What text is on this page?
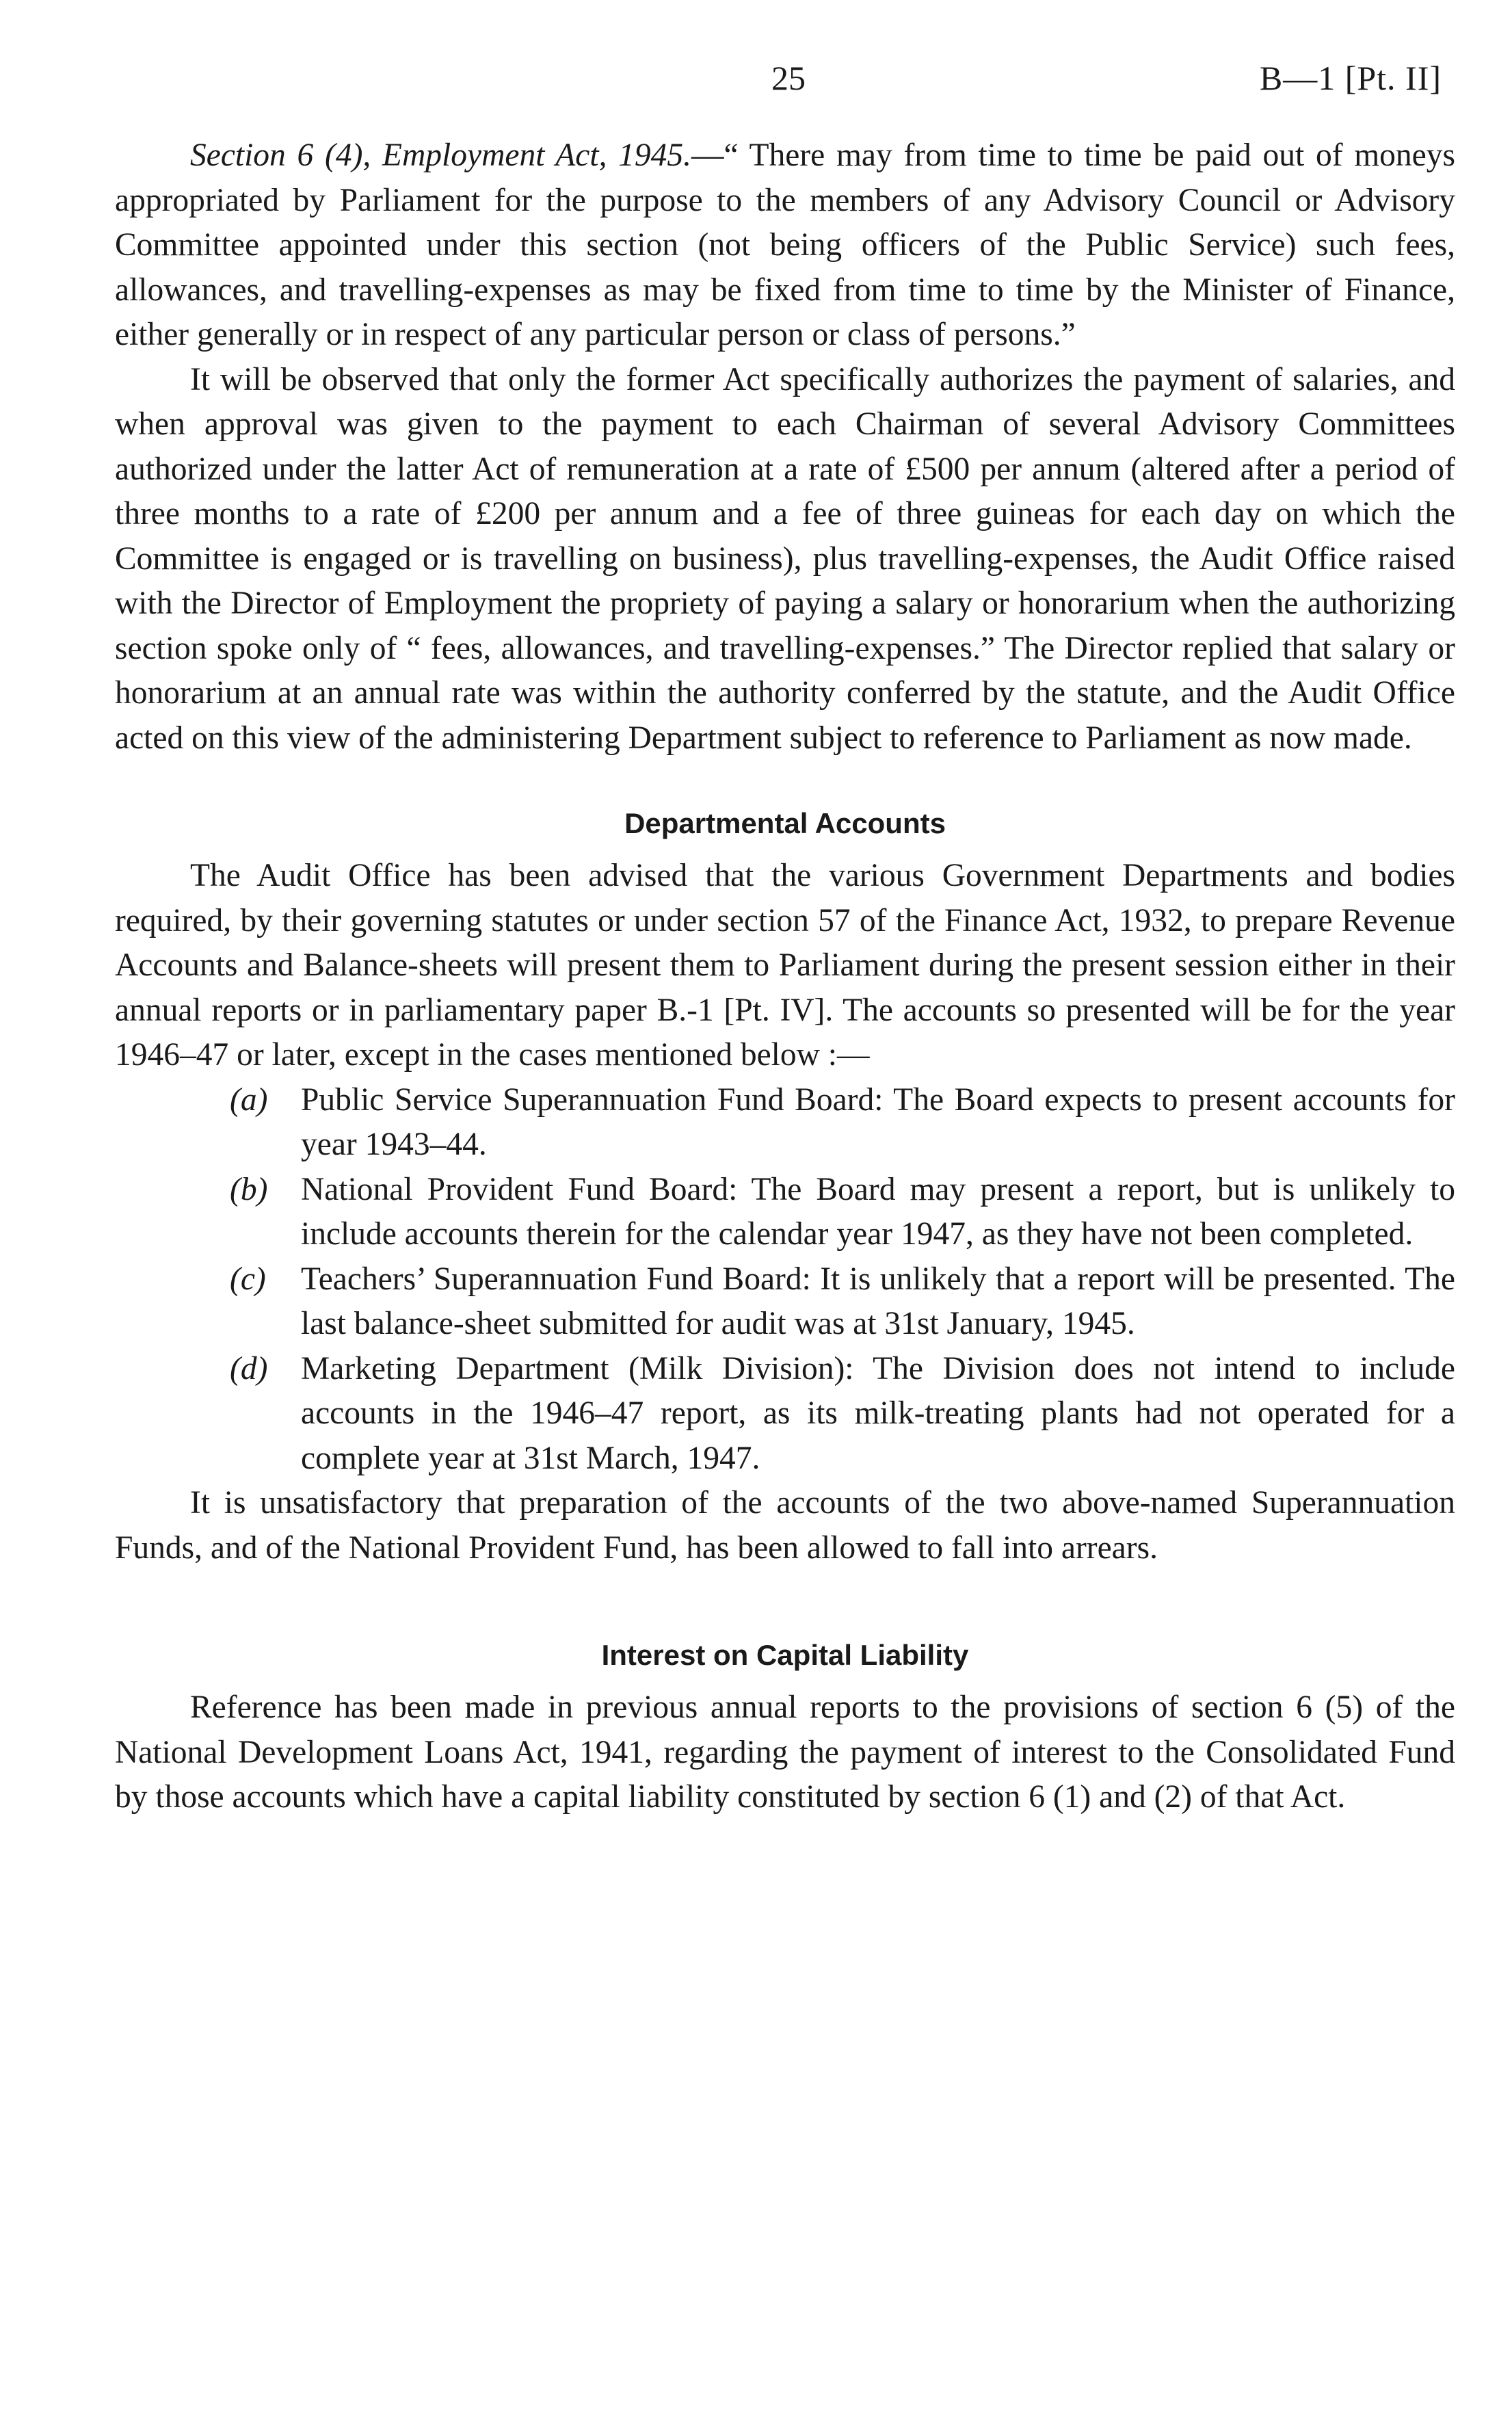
25	B—1 [Pt. II]

Section 6 (4), Employment Act, 1945.—“ There may from time to time be paid out of moneys appropriated by Parliament for the purpose to the members of any Advisory Council or Advisory Committee appointed under this section (not being officers of the Public Service) such fees, allowances, and travelling-expenses as may be fixed from time to time by the Minister of Finance, either generally or in respect of any particular person or class of persons.”

It will be observed that only the former Act specifically authorizes the payment of salaries, and when approval was given to the payment to each Chairman of several Advisory Committees authorized under the latter Act of remuneration at a rate of £500 per annum (altered after a period of three months to a rate of £200 per annum and a fee of three guineas for each day on which the Committee is engaged or is travelling on business), plus travelling-expenses, the Audit Office raised with the Director of Employment the propriety of paying a salary or honorarium when the authorizing section spoke only of “ fees, allowances, and travelling-expenses.” The Director replied that salary or honorarium at an annual rate was within the authority conferred by the statute, and the Audit Office acted on this view of the administering Department subject to reference to Parliament as now made.

Departmental Accounts

The Audit Office has been advised that the various Government Departments and bodies required, by their governing statutes or under section 57 of the Finance Act, 1932, to prepare Revenue Accounts and Balance-sheets will present them to Parliament during the present session either in their annual reports or in parliamentary paper B.-1 [Pt. IV]. The accounts so presented will be for the year 1946–47 or later, except in the cases mentioned below :—

(a) Public Service Superannuation Fund Board: The Board expects to present accounts for year 1943–44.
(b) National Provident Fund Board: The Board may present a report, but is unlikely to include accounts therein for the calendar year 1947, as they have not been completed.
(c) Teachers’ Superannuation Fund Board: It is unlikely that a report will be presented. The last balance-sheet submitted for audit was at 31st January, 1945.
(d) Marketing Department (Milk Division): The Division does not intend to include accounts in the 1946–47 report, as its milk-treating plants had not operated for a complete year at 31st March, 1947.

It is unsatisfactory that preparation of the accounts of the two above-named Superannuation Funds, and of the National Provident Fund, has been allowed to fall into arrears.

Interest on Capital Liability

Reference has been made in previous annual reports to the provisions of section 6 (5) of the National Development Loans Act, 1941, regarding the payment of interest to the Consolidated Fund by those accounts which have a capital liability constituted by section 6 (1) and (2) of that Act.
